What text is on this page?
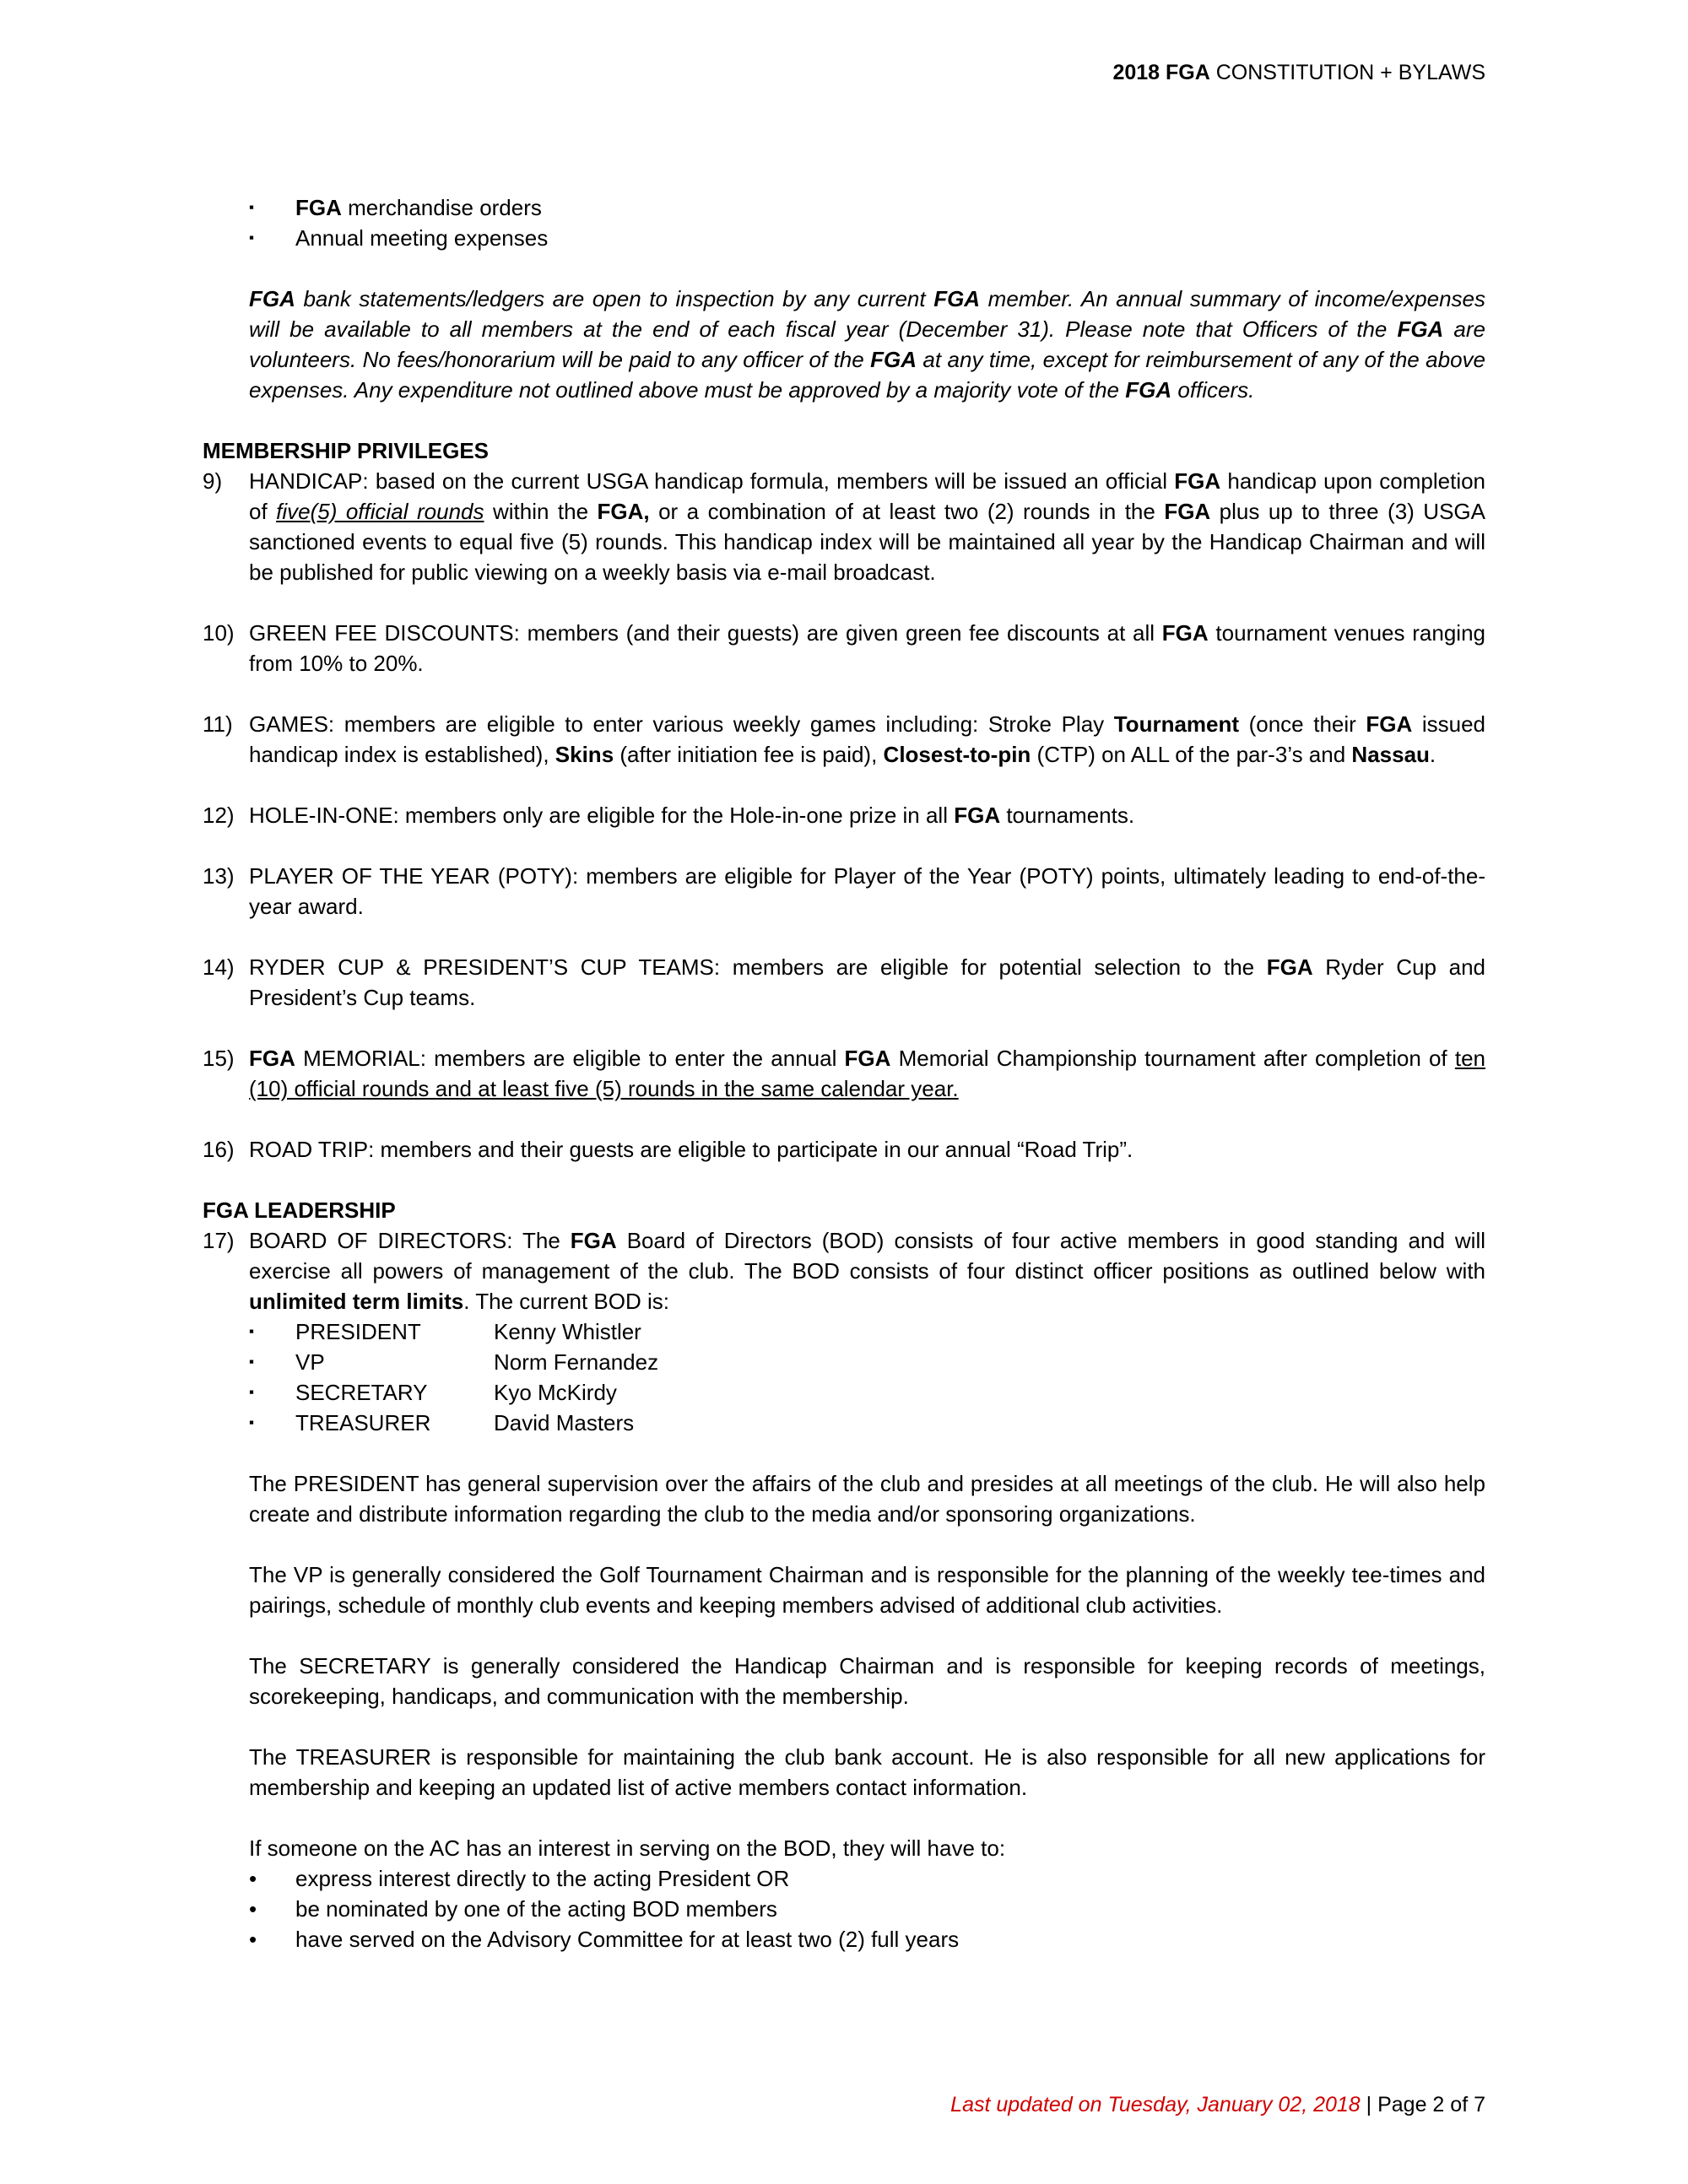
2018 FGA CONSTITUTION + BYLAWS
▪	FGA merchandise orders
▪	Annual meeting expenses
FGA bank statements/ledgers are open to inspection by any current FGA member. An annual summary of income/expenses will be available to all members at the end of each fiscal year (December 31). Please note that Officers of the FGA are volunteers. No fees/honorarium will be paid to any officer of the FGA at any time, except for reimbursement of any of the above expenses. Any expenditure not outlined above must be approved by a majority vote of the FGA officers.
MEMBERSHIP PRIVILEGES
9)	HANDICAP: based on the current USGA handicap formula, members will be issued an official FGA handicap upon completion of five(5) official rounds within the FGA, or a combination of at least two (2) rounds in the FGA plus up to three (3) USGA sanctioned events to equal five (5) rounds. This handicap index will be maintained all year by the Handicap Chairman and will be published for public viewing on a weekly basis via e-mail broadcast.
10) GREEN FEE DISCOUNTS: members (and their guests) are given green fee discounts at all FGA tournament venues ranging from 10% to 20%.
11) GAMES: members are eligible to enter various weekly games including: Stroke Play Tournament (once their FGA issued handicap index is established), Skins (after initiation fee is paid), Closest-to-pin (CTP) on ALL of the par-3’s and Nassau.
12) HOLE-IN-ONE: members only are eligible for the Hole-in-one prize in all FGA tournaments.
13) PLAYER OF THE YEAR (POTY): members are eligible for Player of the Year (POTY) points, ultimately leading to end-of-the-year award.
14) RYDER CUP & PRESIDENT’S CUP TEAMS: members are eligible for potential selection to the FGA Ryder Cup and President’s Cup teams.
15) FGA MEMORIAL: members are eligible to enter the annual FGA Memorial Championship tournament after completion of ten (10) official rounds and at least five (5) rounds in the same calendar year.
16) ROAD TRIP: members and their guests are eligible to participate in our annual “Road Trip”.
FGA LEADERSHIP
17) BOARD OF DIRECTORS: The FGA Board of Directors (BOD) consists of four active members in good standing and will exercise all powers of management of the club. The BOD consists of four distinct officer positions as outlined below with unlimited term limits. The current BOD is:
▪	PRESIDENT	Kenny Whistler
▪	VP	Norm Fernandez
▪	SECRETARY	Kyo McKirdy
▪	TREASURER	David Masters
The PRESIDENT has general supervision over the affairs of the club and presides at all meetings of the club. He will also help create and distribute information regarding the club to the media and/or sponsoring organizations.
The VP is generally considered the Golf Tournament Chairman and is responsible for the planning of the weekly tee-times and pairings, schedule of monthly club events and keeping members advised of additional club activities.
The SECRETARY is generally considered the Handicap Chairman and is responsible for keeping records of meetings, scorekeeping, handicaps, and communication with the membership.
The TREASURER is responsible for maintaining the club bank account. He is also responsible for all new applications for membership and keeping an updated list of active members contact information.
If someone on the AC has an interest in serving on the BOD, they will have to:
•	express interest directly to the acting President OR
•	be nominated by one of the acting BOD members
•	have served on the Advisory Committee for at least two (2) full years
Last updated on Tuesday, January 02, 2018 | Page 2 of 7
